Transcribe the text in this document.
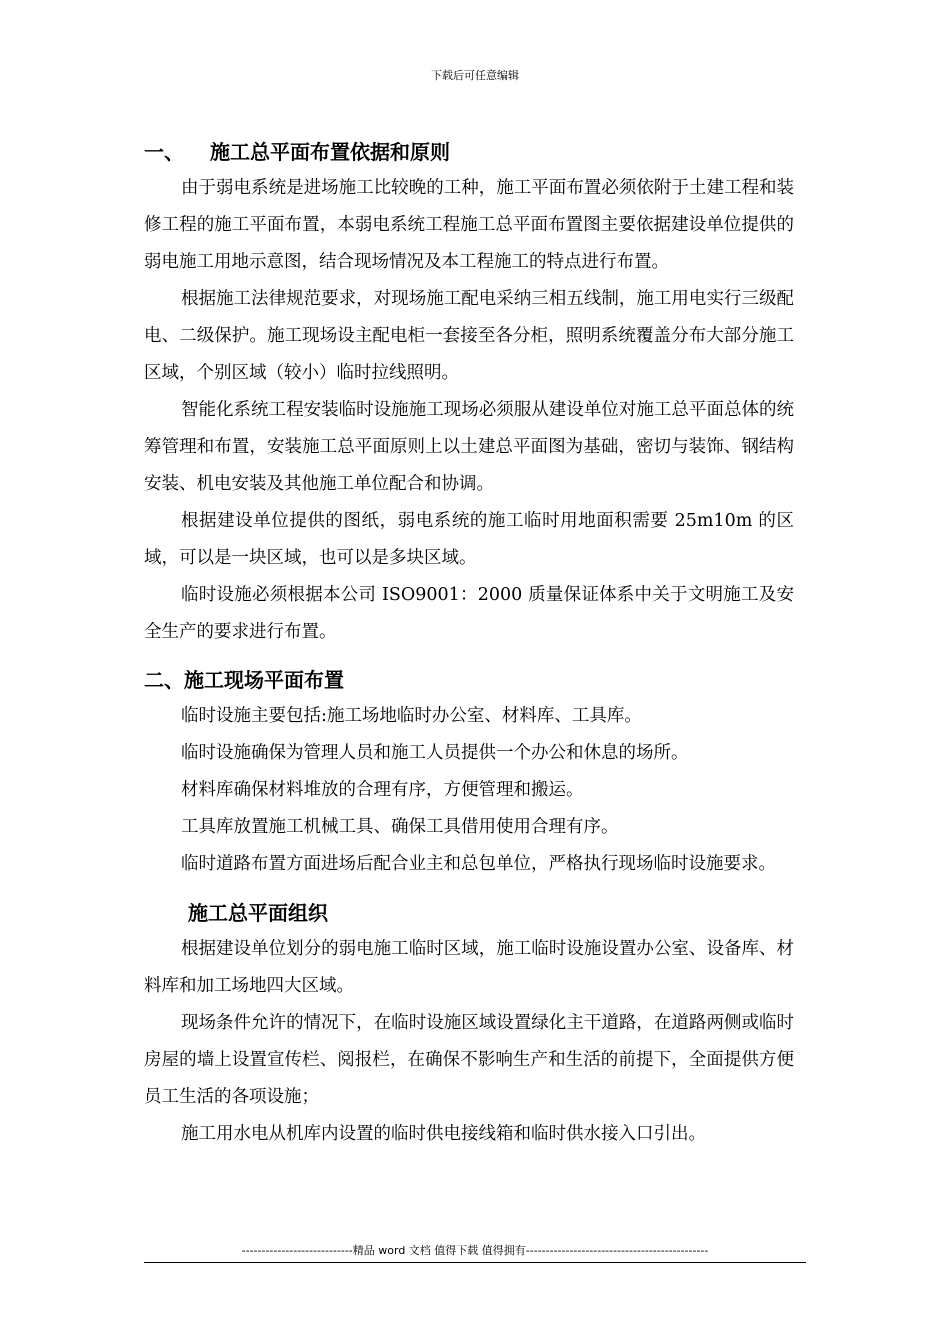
下载后可任意编辑
一、 施工总平面布置依据和原则

由于弱电系统是进场施工比较晚的工种，施工平面布置必须依附于土建工程和装修工程的施工平面布置，本弱电系统工程施工总平面布置图主要依据建设单位提供的弱电施工用地示意图，结合现场情况及本工程施工的特点进行布置。

根据施工法律规范要求，对现场施工配电采纳三相五线制，施工用电实行三级配电、二级保护。施工现场设主配电柜一套接至各分柜，照明系统覆盖分布大部分施工区域，个别区域（较小）临时拉线照明。

智能化系统工程安装临时设施施工现场必须服从建设单位对施工总平面总体的统筹管理和布置，安装施工总平面原则上以土建总平面图为基础，密切与装饰、钢结构安装、机电安装及其他施工单位配合和协调。

根据建设单位提供的图纸，弱电系统的施工临时用地面积需要 25m10m 的区域，可以是一块区域，也可以是多块区域。

临时设施必须根据本公司 ISO9001：2000 质量保证体系中关于文明施工及安全生产的要求进行布置。

二、施工现场平面布置

临时设施主要包括:施工场地临时办公室、材料库、工具库。

临时设施确保为管理人员和施工人员提供一个办公和休息的场所。

材料库确保材料堆放的合理有序，方便管理和搬运。

工具库放置施工机械工具、确保工具借用使用合理有序。

临时道路布置方面进场后配合业主和总包单位，严格执行现场临时设施要求。

施工总平面组织

根据建设单位划分的弱电施工临时区域，施工临时设施设置办公室、设备库、材料库和加工场地四大区域。

现场条件允许的情况下，在临时设施区域设置绿化主干道路，在道路两侧或临时房屋的墙上设置宣传栏、阅报栏，在确保不影响生产和生活的前提下，全面提供方便员工生活的各项设施；

施工用水电从机库内设置的临时供电接线箱和临时供水接入口引出。

----------------------------精品 word 文档 值得下载 值得拥有----------------------------------------------
